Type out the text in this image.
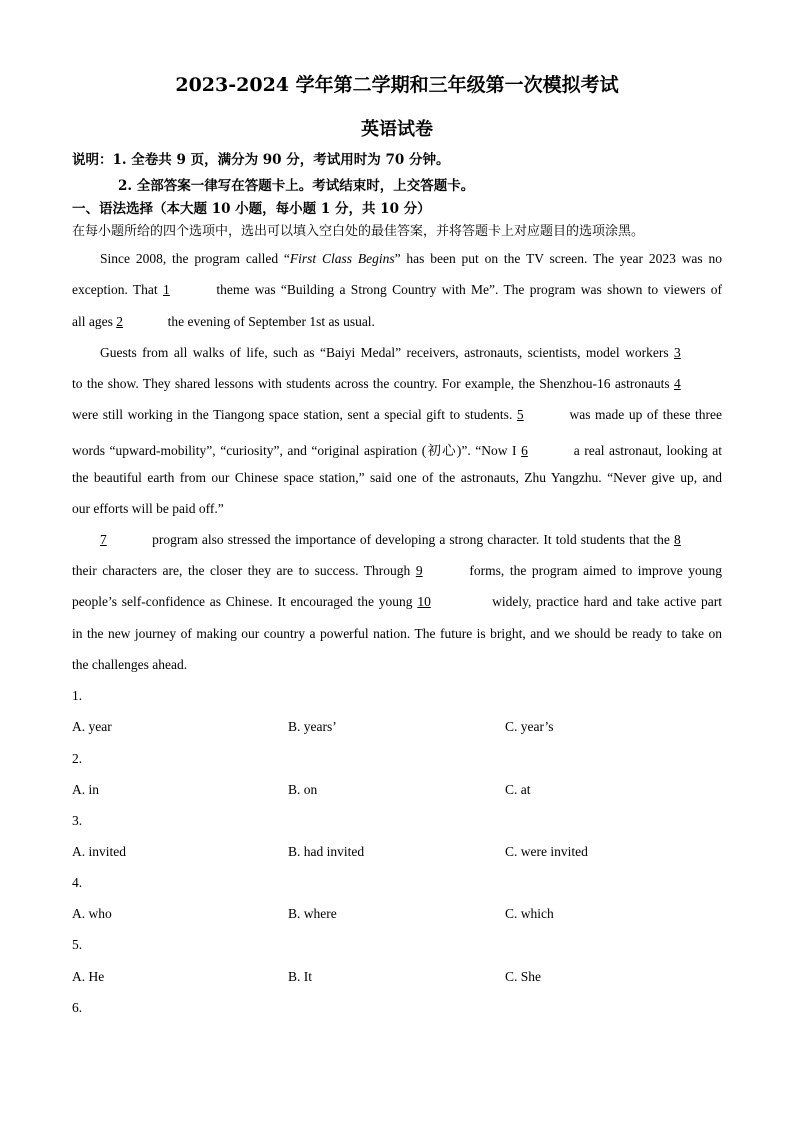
2023-2024 学年第二学期和三年级第一次模拟考试
英语试卷
说明：1. 全卷共 9 页，满分为 90 分，考试用时为 70 分钟。
2. 全部答案一律写在答题卡上。考试结束时，上交答题卡。
一、语法选择（本大题 10 小题，每小题 1 分，共 10 分）
在每小题所给的四个选项中，选出可以填入空白处的最佳答案，并将答题卡上对应题目的选项涂黑。
Since 2008, the program called “First Class Begins” has been put on the TV screen. The year 2023 was no
exception. That 1	theme was “Building a Strong Country with Me”. The program was shown to viewers of
all ages 2	the evening of September 1st as usual.
Guests from all walks of life, such as “Baiyi Medal” receivers, astronauts, scientists, model workers 3
to the show. They shared lessons with students across the country. For example, the Shenzhou-16 astronauts 4
were still working in the Tiangong space station, sent a special gift to students. 5	was made up of these three
words “upward-mobility”, “curiosity”, and “original aspiration (初心)”. “Now I 6	a real astronaut, looking at
the beautiful earth from our Chinese space station,” said one of the astronauts, Zhu Yangzhu. “Never give up, and
our efforts will be paid off.”
7	program also stressed the importance of developing a strong character. It told students that the 8
their characters are, the closer they are to success. Through 9	forms, the program aimed to improve young
people’s self-confidence as Chinese. It encouraged the young 10	widely, practice hard and take active part
in the new journey of making our country a powerful nation. The future is bright, and we should be ready to take on
the challenges ahead.
1.
A. year	B. years’	C. year’s
2.
A. in	B. on	C. at
3.
A. invited	B. had invited	C. were invited
4.
A. who	B. where	C. which
5.
A. He	B. It	C. She
6.
